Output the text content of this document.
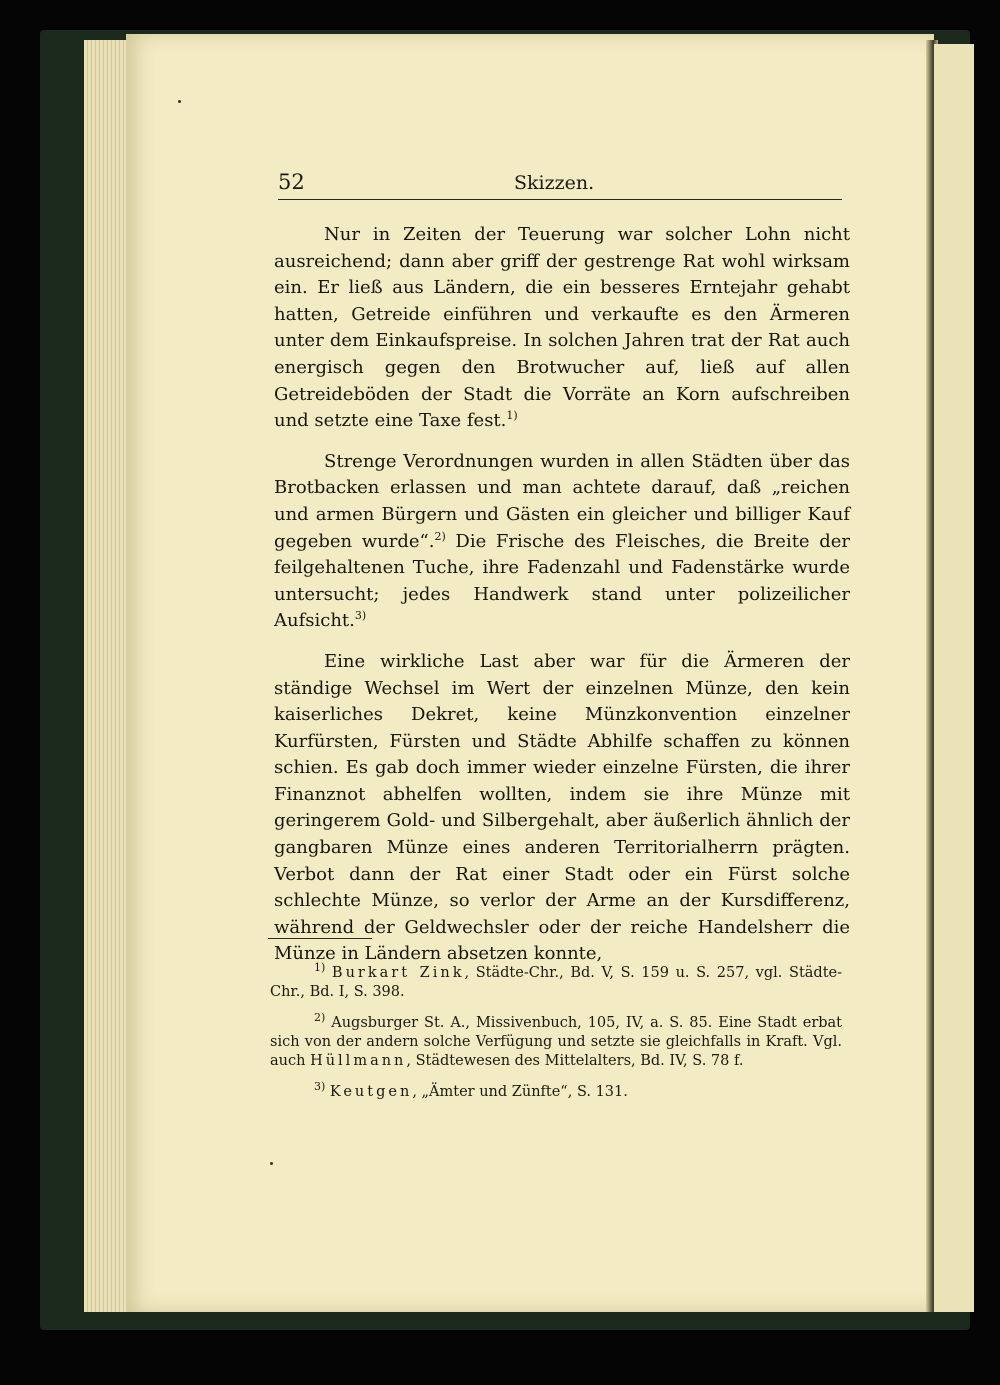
52	Skizzen.

Nur in Zeiten der Teuerung war solcher Lohn nicht ausreichend; dann aber griff der gestrenge Rat wohl wirksam ein. Er ließ aus Ländern, die ein besseres Erntejahr gehabt hatten, Getreide einführen und verkaufte es den Ärmeren unter dem Einkaufspreise. In solchen Jahren trat der Rat auch energisch gegen den Brotwucher auf, ließ auf allen Getreideböden der Stadt die Vorräte an Korn aufschreiben und setzte eine Taxe fest.$^{1)}$

Strenge Verordnungen wurden in allen Städten über das Brotbacken erlassen und man achtete darauf, daß „reichen und armen Bürgern und Gästen ein gleicher und billiger Kauf gegeben wurde“.$^{2)}$ Die Frische des Fleisches, die Breite der feilgehaltenen Tuche, ihre Fadenzahl und Fadenstärke wurde untersucht; jedes Handwerk stand unter polizeilicher Aufsicht.$^{3)}$

Eine wirkliche Last aber war für die Ärmeren der ständige Wechsel im Wert der einzelnen Münze, den kein kaiserliches Dekret, keine Münzkonvention einzelner Kurfürsten, Fürsten und Städte Abhilfe schaffen zu können schien. Es gab doch immer wieder einzelne Fürsten, die ihrer Finanznot abhelfen wollten, indem sie ihre Münze mit geringerem Gold- und Silbergehalt, aber äußerlich ähnlich der gangbaren Münze eines anderen Territorialherrn prägten. Verbot dann der Rat einer Stadt oder ein Fürst solche schlechte Münze, so verlor der Arme an der Kursdifferenz, während der Geldwechsler oder der reiche Handelsherr die Münze in Ländern absetzen konnte,

$^{1)}$ Burkart Zink, Städte-Chr., Bd. V, S. 159 u. S. 257, vgl. Städte-Chr., Bd. I, S. 398.
$^{2)}$ Augsburger St. A., Missivenbuch, 105, IV, a. S. 85. Eine Stadt erbat sich von der andern solche Verfügung und setzte sie gleichfalls in Kraft. Vgl. auch Hüllmann, Städtewesen des Mittelalters, Bd. IV, S. 78 f.
$^{3)}$ Keutgen, „Ämter und Zünfte“, S. 131.
